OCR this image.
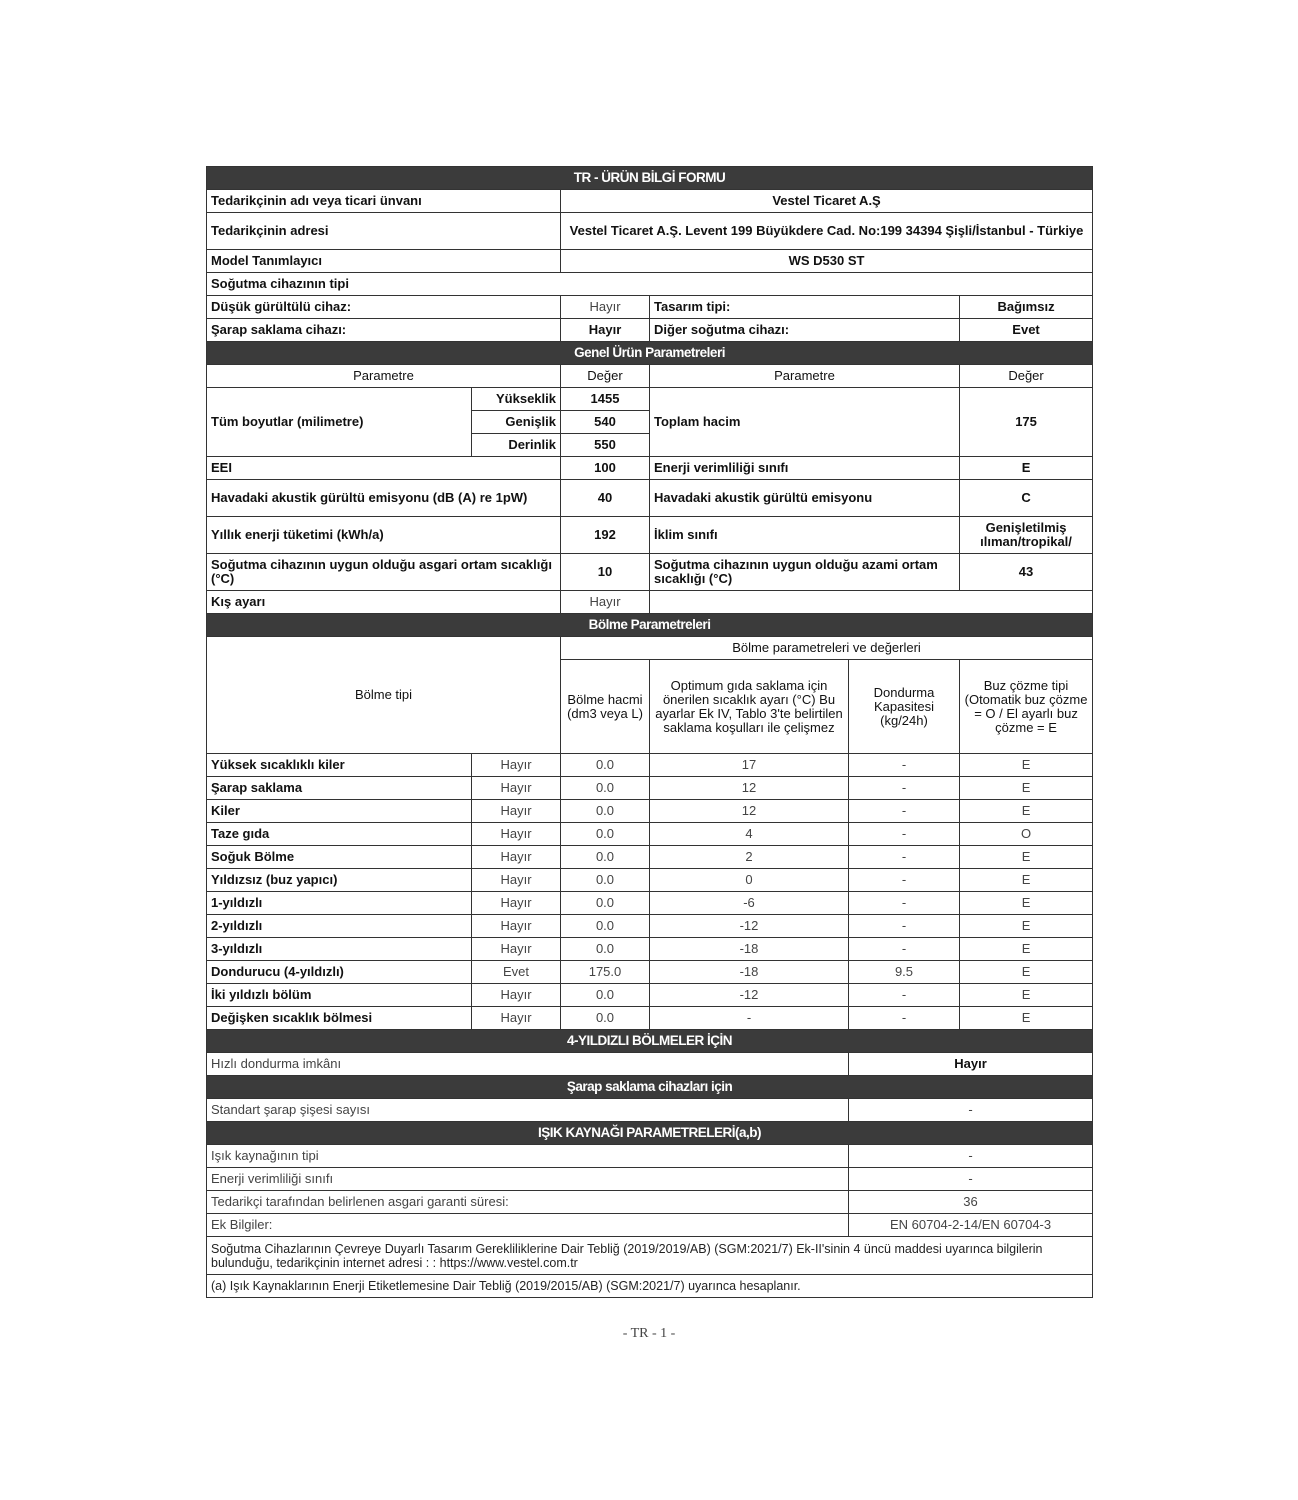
TR - ÜRÜN BİLGİ FORMU					
Tedarikçinin adı veya ticari ünvanı		Vestel Ticaret A.Ş			
Tedarikçinin adresi		Vestel Ticaret A.Ş. Levent 199 Büyükdere Cad. No:199 34394 Şişli/İstanbul - Türkiye			
Model Tanımlayıcı		WS D530 ST			
Soğutma cihazının tipi					
Düşük gürültülü cihaz:		Hayır	Tasarım tipi:		Bağımsız
Şarap saklama cihazı:		Hayır	Diğer soğutma cihazı:		Evet
Genel Ürün Parametreleri					
Parametre		Değer	Parametre		Değer
Tüm boyutlar (milimetre)	Yükseklik	1455	Toplam hacim		175
	Genişlik	540			
	Derinlik	550			
EEI		100	Enerji verimliliği sınıfı		E
Havadaki akustik gürültü emisyonu (dB (A) re 1pW)		40	Havadaki akustik gürültü emisyonu		C
Yıllık enerji tüketimi (kWh/a)		192	İklim sınıfı		Genişletilmiş ılıman/tropikal/
Soğutma cihazının uygun olduğu asgari ortam sıcaklığı (°C)		10	Soğutma cihazının uygun olduğu azami ortam sıcaklığı (°C)		43
Kış ayarı		Hayır			
Bölme Parametreleri					
Bölme tipi		Bölme parametreleri ve değerleri			
		Bölme hacmi (dm3 veya L)	Optimum gıda saklama için önerilen sıcaklık ayarı (°C) Bu ayarlar Ek IV, Tablo 3'te belirtilen saklama koşulları ile çelişmez	Dondurma Kapasitesi (kg/24h)	Buz çözme tipi (Otomatik buz çözme = O / El ayarlı buz çözme = E
Yüksek sıcaklıklı kiler	Hayır	0.0	17	-	E
Şarap saklama	Hayır	0.0	12	-	E
Kiler	Hayır	0.0	12	-	E
Taze gıda	Hayır	0.0	4	-	O
Soğuk Bölme	Hayır	0.0	2	-	E
Yıldızsız (buz yapıcı)	Hayır	0.0	0	-	E
1-yıldızlı	Hayır	0.0	-6	-	E
2-yıldızlı	Hayır	0.0	-12	-	E
3-yıldızlı	Hayır	0.0	-18	-	E
Dondurucu (4-yıldızlı)	Evet	175.0	-18	9.5	E
İki yıldızlı bölüm	Hayır	0.0	-12	-	E
Değişken sıcaklık bölmesi	Hayır	0.0	-	-	E
4-YILDIZLI BÖLMELER İÇİN					
Hızlı dondurma imkânı				Hayır	
Şarap saklama cihazları için					
Standart şarap şişesi sayısı				-	
IŞIK KAYNAĞI PARAMETRELERİ(a,b)					
Işık kaynağının tipi				-	
Enerji verimliliği sınıfı				-	
Tedarikçi tarafından belirlenen asgari garanti süresi:				36	
Ek Bilgiler:				EN 60704-2-14/EN 60704-3	
Soğutma Cihazlarının Çevreye Duyarlı Tasarım Gerekliliklerine Dair Tebliğ (2019/2019/AB) (SGM:2021/7) Ek-II'sinin 4 üncü maddesi uyarınca bilgilerin bulunduğu, tedarikçinin internet adresi : : https://www.vestel.com.tr					
(a) Işık Kaynaklarının Enerji Etiketlemesine Dair Tebliğ (2019/2015/AB) (SGM:2021/7) uyarınca hesaplanır.					
- TR - 1 -
